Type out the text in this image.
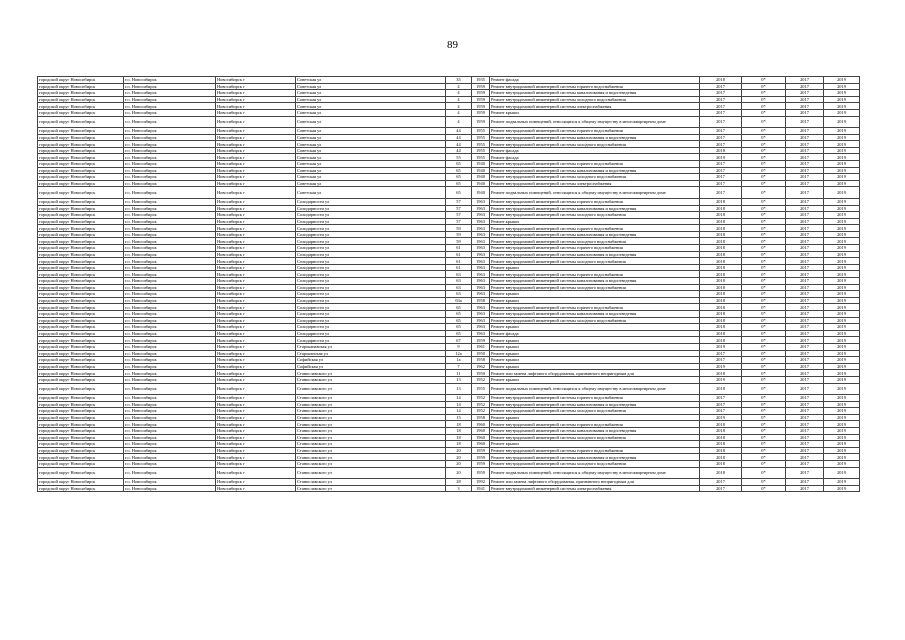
89
городской округ Новосибирск	г.о. Новосибирск	Новосибирск г	Советская ул	35	1935	Ремонт фасада	2018	0*	2017	2019
городской округ Новосибирск	г.о. Новосибирск	Новосибирск г	Советская ул	4	1959	Ремонт внутридомовой инженерной системы горячего водоснабжения	2017	0*	2017	2019
городской округ Новосибирск	г.о. Новосибирск	Новосибирск г	Советская ул	4	1959	Ремонт внутридомовой инженерной системы канализования и водоотведения	2017	0*	2017	2019
городской округ Новосибирск	г.о. Новосибирск	Новосибирск г	Советская ул	4	1959	Ремонт внутридомовой инженерной системы холодного водоснабжения	2017	0*	2017	2019
городской округ Новосибирск	г.о. Новосибирск	Новосибирск г	Советская ул	4	1959	Ремонт внутридомовой инженерной системы электроснабжения	2017	0*	2017	2019
городской округ Новосибирск	г.о. Новосибирск	Новосибирск г	Советская ул	4	1959	Ремонт крыши	2017	0*	2017	2019
городской округ Новосибирск	г.о. Новосибирск	Новосибирск г	Советская ул	4	1959	Ремонт подвальных помещений, относящихся к общему имуществу в многоквартирном доме	2017	0*	2017	2019
городской округ Новосибирск	г.о. Новосибирск	Новосибирск г	Советская ул	44	1955	Ремонт внутридомовой инженерной системы горячего водоснабжения	2017	0*	2017	2019
городской округ Новосибирск	г.о. Новосибирск	Новосибирск г	Советская ул	44	1955	Ремонт внутридомовой инженерной системы канализования и водоотведения	2017	0*	2017	2019
городской округ Новосибирск	г.о. Новосибирск	Новосибирск г	Советская ул	44	1955	Ремонт внутридомовой инженерной системы холодного водоснабжения	2017	0*	2017	2019
городской округ Новосибирск	г.о. Новосибирск	Новосибирск г	Советская ул	44	1955	Ремонт фасада	2018	0*	2017	2019
городской округ Новосибирск	г.о. Новосибирск	Новосибирск г	Советская ул	55	1955	Ремонт фасада	2019	0*	2017	2019
городской округ Новосибирск	г.о. Новосибирск	Новосибирск г	Советская ул	65	1940	Ремонт внутридомовой инженерной системы горячего водоснабжения	2017	0*	2017	2019
городской округ Новосибирск	г.о. Новосибирск	Новосибирск г	Советская ул	65	1940	Ремонт внутридомовой инженерной системы канализования и водоотведения	2017	0*	2017	2019
городской округ Новосибирск	г.о. Новосибирск	Новосибирск г	Советская ул	65	1940	Ремонт внутридомовой инженерной системы холодного водоснабжения	2017	0*	2017	2019
городской округ Новосибирск	г.о. Новосибирск	Новосибирск г	Советская ул	65	1940	Ремонт внутридомовой инженерной системы электроснабжения	2017	0*	2017	2019
городской округ Новосибирск	г.о. Новосибирск	Новосибирск г	Советская ул	65	1940	Ремонт подвальных помещений, относящихся к общему имуществу в многоквартирном доме	2017	0*	2017	2019
городской округ Новосибирск	г.о. Новосибирск	Новосибирск г	Солидарности ул	57	1963	Ремонт внутридомовой инженерной системы горячего водоснабжения	2018	0*	2017	2019
городской округ Новосибирск	г.о. Новосибирск	Новосибирск г	Солидарности ул	57	1963	Ремонт внутридомовой инженерной системы канализования и водоотведения	2018	0*	2017	2019
городской округ Новосибирск	г.о. Новосибирск	Новосибирск г	Солидарности ул	57	1963	Ремонт внутридомовой инженерной системы холодного водоснабжения	2018	0*	2017	2019
городской округ Новосибирск	г.о. Новосибирск	Новосибирск г	Солидарности ул	57	1963	Ремонт крыши	2018	0*	2017	2019
городской округ Новосибирск	г.о. Новосибирск	Новосибирск г	Солидарности ул	59	1963	Ремонт внутридомовой инженерной системы горячего водоснабжения	2018	0*	2017	2019
городской округ Новосибирск	г.о. Новосибирск	Новосибирск г	Солидарности ул	59	1963	Ремонт внутридомовой инженерной системы канализования и водоотведения	2018	0*	2017	2019
городской округ Новосибирск	г.о. Новосибирск	Новосибирск г	Солидарности ул	59	1963	Ремонт внутридомовой инженерной системы холодного водоснабжения	2018	0*	2017	2019
городской округ Новосибирск	г.о. Новосибирск	Новосибирск г	Солидарности ул	61	1963	Ремонт внутридомовой инженерной системы горячего водоснабжения	2018	0*	2017	2019
городской округ Новосибирск	г.о. Новосибирск	Новосибирск г	Солидарности ул	61	1963	Ремонт внутридомовой инженерной системы канализования и водоотведения	2018	0*	2017	2019
городской округ Новосибирск	г.о. Новосибирск	Новосибирск г	Солидарности ул	61	1963	Ремонт внутридомовой инженерной системы холодного водоснабжения	2018	0*	2017	2019
городской округ Новосибирск	г.о. Новосибирск	Новосибирск г	Солидарности ул	61	1963	Ремонт крыши	2018	0*	2017	2019
городской округ Новосибирск	г.о. Новосибирск	Новосибирск г	Солидарности ул	63	1963	Ремонт внутридомовой инженерной системы горячего водоснабжения	2018	0*	2017	2019
городской округ Новосибирск	г.о. Новосибирск	Новосибирск г	Солидарности ул	63	1963	Ремонт внутридомовой инженерной системы канализования и водоотведения	2018	0*	2017	2019
городской округ Новосибирск	г.о. Новосибирск	Новосибирск г	Солидарности ул	63	1963	Ремонт внутридомовой инженерной системы холодного водоснабжения	2018	0*	2017	2019
городской округ Новосибирск	г.о. Новосибирск	Новосибирск г	Солидарности ул	63	1963	Ремонт крыши	2018	0*	2017	2019
городской округ Новосибирск	г.о. Новосибирск	Новосибирск г	Солидарности ул	63а	1958	Ремонт крыши	2018	0*	2017	2019
городской округ Новосибирск	г.о. Новосибирск	Новосибирск г	Солидарности ул	65	1963	Ремонт внутридомовой инженерной системы горячего водоснабжения	2018	0*	2017	2019
городской округ Новосибирск	г.о. Новосибирск	Новосибирск г	Солидарности ул	65	1963	Ремонт внутридомовой инженерной системы канализования и водоотведения	2018	0*	2017	2019
городской округ Новосибирск	г.о. Новосибирск	Новосибирск г	Солидарности ул	65	1963	Ремонт внутридомовой инженерной системы холодного водоснабжения	2018	0*	2017	2019
городской округ Новосибирск	г.о. Новосибирск	Новосибирск г	Солидарности ул	65	1963	Ремонт крыши	2018	0*	2017	2019
городской округ Новосибирск	г.о. Новосибирск	Новосибирск г	Солидарности ул	65	1963	Ремонт фасада	2018	0*	2017	2019
городской округ Новосибирск	г.о. Новосибирск	Новосибирск г	Солидарности ул	67	1959	Ремонт крыши	2018	0*	2017	2019
городской округ Новосибирск	г.о. Новосибирск	Новосибирск г	Староканавская ул	9	1961	Ремонт крыши	2019	0*	2017	2019
городской округ Новосибирск	г.о. Новосибирск	Новосибирск г	Староканская ул	12а	1950	Ремонт крыши	2017	0*	2017	2019
городской округ Новосибирск	г.о. Новосибирск	Новосибирск г	Софийская ул	1а	1958	Ремонт крыши	2017	0*	2017	2019
городской округ Новосибирск	г.о. Новосибирск	Новосибирск г	Софийская ул	7	1962	Ремонт крыши	2019	0*	2017	2019
городской округ Новосибирск	г.о. Новосибирск	Новосибирск г	Станиславского ул	11	1950	Ремонт или замена лифтового оборудования, признанного непригодным для	2018	0*	2017	2019
городской округ Новосибирск	г.о. Новосибирск	Новосибирск г	Станиславского ул	13	1952	Ремонт крыши	2019	0*	2017	2019
городской округ Новосибирск	г.о. Новосибирск	Новосибирск г	Станиславского ул	13	1955	Ремонт подвальных помещений, относящихся к общему имуществу в многоквартирном доме	2018	0*	2017	2019
городской округ Новосибирск	г.о. Новосибирск	Новосибирск г	Станиславского ул	14	1952	Ремонт внутридомовой инженерной системы горячего водоснабжения	2017	0*	2017	2019
городской округ Новосибирск	г.о. Новосибирск	Новосибирск г	Станиславского ул	14	1952	Ремонт внутридомовой инженерной системы канализования и водоотведения	2017	0*	2017	2019
городской округ Новосибирск	г.о. Новосибирск	Новосибирск г	Станиславского ул	14	1952	Ремонт внутридомовой инженерной системы холодного водоснабжения	2017	0*	2017	2019
городской округ Новосибирск	г.о. Новосибирск	Новосибирск г	Станиславского ул	15	1958	Ремонт крыши	2019	0*	2017	2019
городской округ Новосибирск	г.о. Новосибирск	Новосибирск г	Станиславского ул	18	1960	Ремонт внутридомовой инженерной системы горячего водоснабжения	2018	0*	2017	2019
городской округ Новосибирск	г.о. Новосибирск	Новосибирск г	Станиславского ул	18	1960	Ремонт внутридомовой инженерной системы канализования и водоотведения	2018	0*	2017	2019
городской округ Новосибирск	г.о. Новосибирск	Новосибирск г	Станиславского ул	18	1960	Ремонт внутридомовой инженерной системы холодного водоснабжения	2018	0*	2017	2019
городской округ Новосибирск	г.о. Новосибирск	Новосибирск г	Станиславского ул	18	1960	Ремонт крыши	2018	0*	2017	2019
городской округ Новосибирск	г.о. Новосибирск	Новосибирск г	Станиславского ул	20	1959	Ремонт внутридомовой инженерной системы горячего водоснабжения	2018	0*	2017	2019
городской округ Новосибирск	г.о. Новосибирск	Новосибирск г	Станиславского ул	20	1959	Ремонт внутридомовой инженерной системы канализования и водоотведения	2018	0*	2017	2019
городской округ Новосибирск	г.о. Новосибирск	Новосибирск г	Станиславского ул	20	1959	Ремонт внутридомовой инженерной системы холодного водоснабжения	2018	0*	2017	2019
городской округ Новосибирск	г.о. Новосибирск	Новосибирск г	Станиславского ул	20	1959	Ремонт подвальных помещений, относящихся к общему имуществу в многоквартирном доме	2018	0*	2017	2019
городской округ Новосибирск	г.о. Новосибирск	Новосибирск г	Станиславского ул	28	1992	Ремонт или замена лифтового оборудования, признанного непригодным для	2017	0*	2017	2019
городской округ Новосибирск	г.о. Новосибирск	Новосибирск г	Станиславского ул	3	1941	Ремонт внутридомовой инженерной системы электроснабжения	2017	0*	2017	2019
